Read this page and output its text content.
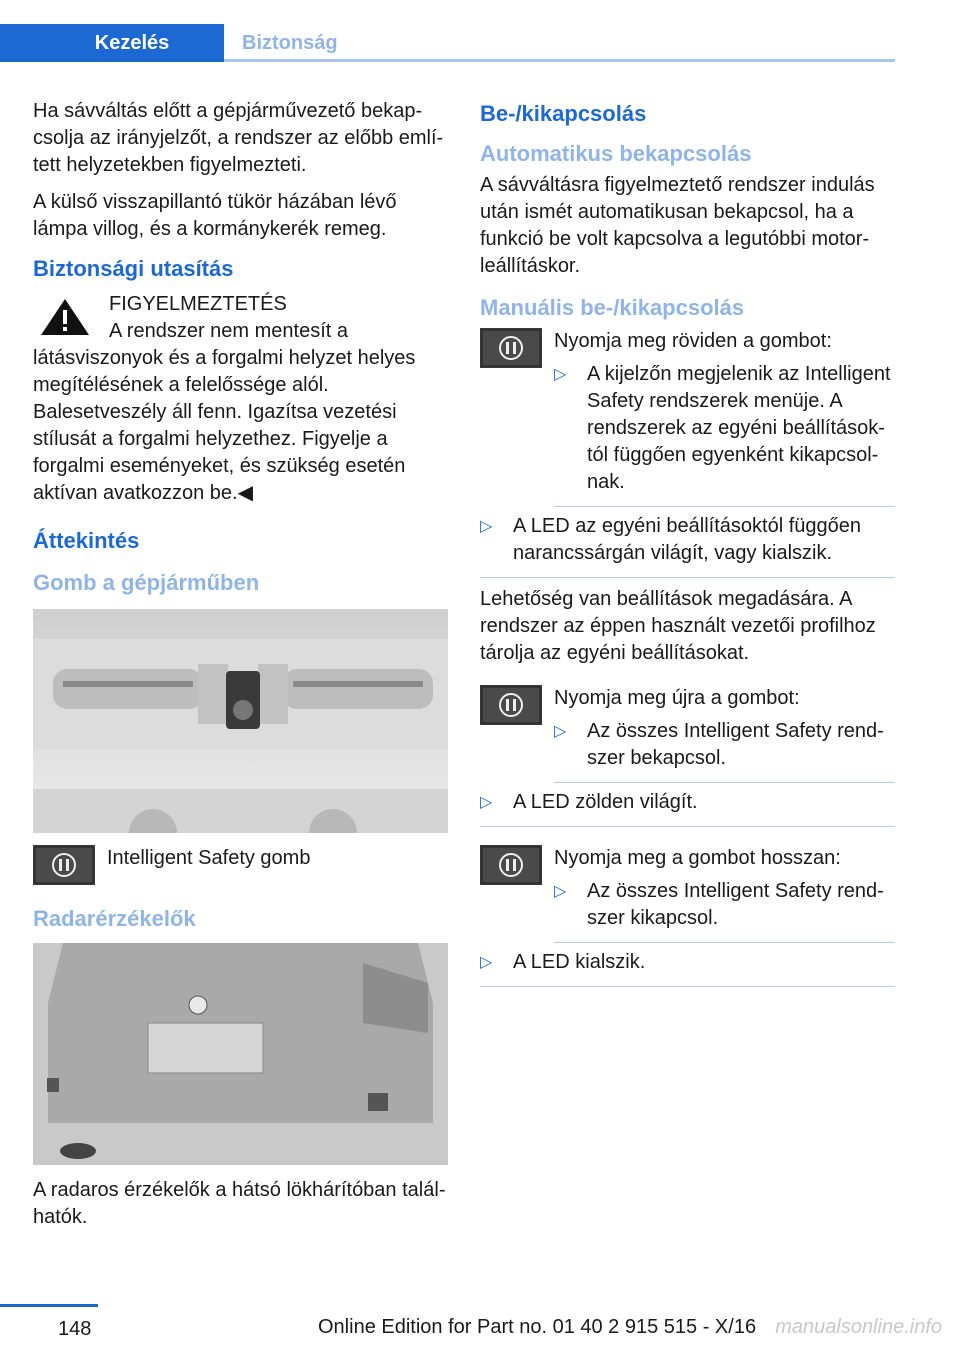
Kezelés	Biztonság

Ha sávváltás előtt a gépjárművezető bekapcsolja az irányjelzőt, a rendszer az előbb említett helyzetekben figyelmezteti.

A külső visszapillantó tükör házában lévő lámpa villog, és a kormánykerék remeg.

Biztonsági utasítás

FIGYELMEZTETÉS

A rendszer nem mentesít a látásviszonyok és a forgalmi helyzet helyes megítélésének a felelőssége alól. Balesetveszély áll fenn. Igazítsa vezetési stílusát a forgalmi helyzethez. Figyelje a forgalmi eseményeket, és szükség esetén aktívan avatkozzon be.◀

Áttekintés
Gomb a gépjárműben
Intelligent Safety gomb
Radarérzékelők

A radaros érzékelők a hátsó lökhárítóban találhatók.

Be-/kikapcsolás
Automatikus bekapcsolás

A sávváltásra figyelmeztető rendszer indulás után ismét automatikusan bekapcsol, ha a funkció be volt kapcsolva a legutóbbi motorleállításkor.

Manuális be-/kikapcsolás

Nyomja meg röviden a gombot:

▷	A kijelzőn megjelenik az Intelligent Safety rendszerek menüje. A rendszerek az egyéni beállításoktól függően egyenként kikapcsolnak.
▷	A LED az egyéni beállításoktól függően narancssárgán világít, vagy kialszik.

Lehetőség van beállítások megadására. A rendszer az éppen használt vezetői profilhoz tárolja az egyéni beállításokat.

Nyomja meg újra a gombot:

▷	Az összes Intelligent Safety rendszer bekapcsol.
▷	A LED zölden világít.

Nyomja meg a gombot hosszan:

▷	Az összes Intelligent Safety rendszer kikapcsol.
▷	A LED kialszik.
148	Online Edition for Part no. 01 40 2 915 515 - X/16 manualsonline.info
